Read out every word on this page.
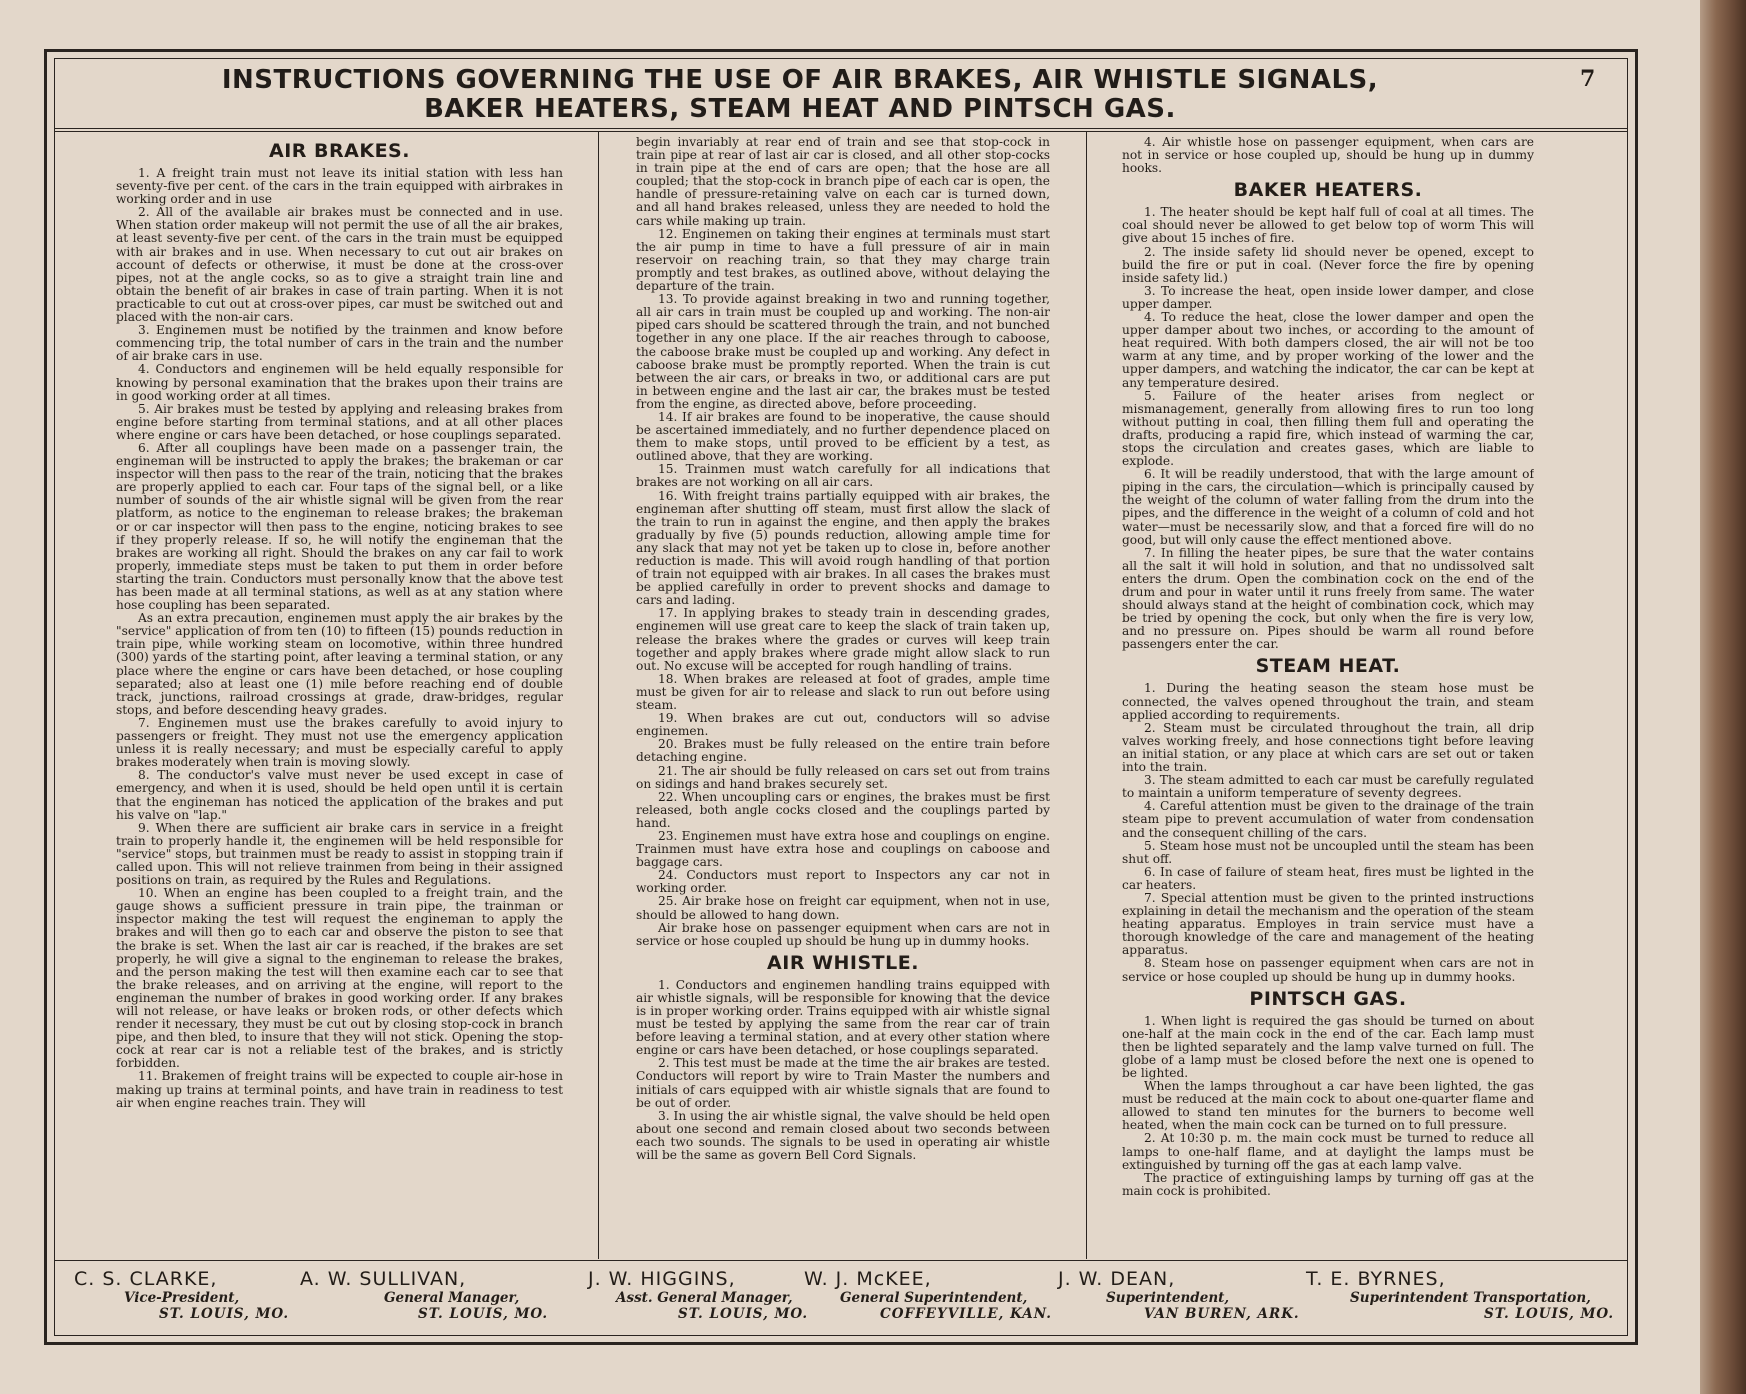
INSTRUCTIONS GOVERNING THE USE OF AIR BRAKES, AIR WHISTLE SIGNALS,
BAKER HEATERS, STEAM HEAT AND PINTSCH GAS.
7
AIR BRAKES.

1. A freight train must not leave its initial station with less han seventy-five per cent. of the cars in the train equipped with airbrakes in working order and in use

2. All of the available air brakes must be connected and in use. When station order makeup will not permit the use of all the air brakes, at least seventy-five per cent. of the cars in the train must be equipped with air brakes and in use. When necessary to cut out air brakes on account of defects or otherwise, it must be done at the cross-over pipes, not at the angle cocks, so as to give a straight train line and obtain the benefit of air brakes in case of train parting. When it is not practicable to cut out at cross-over pipes, car must be switched out and placed with the non-air cars.

3. Enginemen must be notified by the trainmen and know before commencing trip, the total number of cars in the train and the number of air brake cars in use.

4. Conductors and enginemen will be held equally responsible for knowing by personal examination that the brakes upon their trains are in good working order at all times.

5. Air brakes must be tested by applying and releasing brakes from engine before starting from terminal stations, and at all other places where engine or cars have been detached, or hose couplings separated.

6. After all couplings have been made on a passenger train, the engineman will be instructed to apply the brakes; the brakeman or car inspector will then pass to the rear of the train, noticing that the brakes are properly applied to each car. Four taps of the signal bell, or a like number of sounds of the air whistle signal will be given from the rear platform, as notice to the engineman to release brakes; the brakeman or or car inspector will then pass to the engine, noticing brakes to see if they properly release. If so, he will notify the engineman that the brakes are working all right. Should the brakes on any car fail to work properly, immediate steps must be taken to put them in order before starting the train. Conductors must personally know that the above test has been made at all terminal stations, as well as at any station where hose coupling has been separated.

As an extra precaution, enginemen must apply the air brakes by the "service" application of from ten (10) to fifteen (15) pounds reduction in train pipe, while working steam on locomotive, within three hundred (300) yards of the starting point, after leaving a terminal station, or any place where the engine or cars have been detached, or hose coupling separated; also at least one (1) mile before reaching end of double track, junctions, railroad crossings at grade, draw-bridges, regular stops, and before descending heavy grades.

7. Enginemen must use the brakes carefully to avoid injury to passengers or freight. They must not use the emergency application unless it is really necessary; and must be especially careful to apply brakes moderately when train is moving slowly.

8. The conductor's valve must never be used except in case of emergency, and when it is used, should be held open until it is certain that the engineman has noticed the application of the brakes and put his valve on "lap."

9. When there are sufficient air brake cars in service in a freight train to properly handle it, the enginemen will be held responsible for "service" stops, but trainmen must be ready to assist in stopping train if called upon. This will not relieve trainmen from being in their assigned positions on train, as required by the Rules and Regulations.

10. When an engine has been coupled to a freight train, and the gauge shows a sufficient pressure in train pipe, the trainman or inspector making the test will request the engineman to apply the brakes and will then go to each car and observe the piston to see that the brake is set. When the last air car is reached, if the brakes are set properly, he will give a signal to the engineman to release the brakes, and the person making the test will then examine each car to see that the brake releases, and on arriving at the engine, will report to the engineman the number of brakes in good working order. If any brakes will not release, or have leaks or broken rods, or other defects which render it necessary, they must be cut out by closing stop-cock in branch pipe, and then bled, to insure that they will not stick. Opening the stop-cock at rear car is not a reliable test of the brakes, and is strictly forbidden.

11. Brakemen of freight trains will be expected to couple air-hose in making up trains at terminal points, and have train in readiness to test air when engine reaches train. They will

begin invariably at rear end of train and see that stop-cock in train pipe at rear of last air car is closed, and all other stop-cocks in train pipe at the end of cars are open; that the hose are all coupled; that the stop-cock in branch pipe of each car is open, the handle of pressure-retaining valve on each car is turned down, and all hand brakes released, unless they are needed to hold the cars while making up train.

12. Enginemen on taking their engines at terminals must start the air pump in time to have a full pressure of air in main reservoir on reaching train, so that they may charge train promptly and test brakes, as outlined above, without delaying the departure of the train.

13. To provide against breaking in two and running together, all air cars in train must be coupled up and working. The non-air piped cars should be scattered through the train, and not bunched together in any one place. If the air reaches through to caboose, the caboose brake must be coupled up and working. Any defect in caboose brake must be promptly reported. When the train is cut between the air cars, or breaks in two, or additional cars are put in between engine and the last air car, the brakes must be tested from the engine, as directed above, before proceeding.

14. If air brakes are found to be inoperative, the cause should be ascertained immediately, and no further dependence placed on them to make stops, until proved to be efficient by a test, as outlined above, that they are working.

15. Trainmen must watch carefully for all indications that brakes are not working on all air cars.

16. With freight trains partially equipped with air brakes, the engineman after shutting off steam, must first allow the slack of the train to run in against the engine, and then apply the brakes gradually by five (5) pounds reduction, allowing ample time for any slack that may not yet be taken up to close in, before another reduction is made. This will avoid rough handling of that portion of train not equipped with air brakes. In all cases the brakes must be applied carefully in order to prevent shocks and damage to cars and lading.

17. In applying brakes to steady train in descending grades, enginemen will use great care to keep the slack of train taken up, release the brakes where the grades or curves will keep train together and apply brakes where grade might allow slack to run out. No excuse will be accepted for rough handling of trains.

18. When brakes are released at foot of grades, ample time must be given for air to release and slack to run out before using steam.

19. When brakes are cut out, conductors will so advise enginemen.

20. Brakes must be fully released on the entire train before detaching engine.

21. The air should be fully released on cars set out from trains on sidings and hand brakes securely set.

22. When uncoupling cars or engines, the brakes must be first released, both angle cocks closed and the couplings parted by hand.

23. Enginemen must have extra hose and couplings on engine. Trainmen must have extra hose and couplings on caboose and baggage cars.

24. Conductors must report to Inspectors any car not in working order.

25. Air brake hose on freight car equipment, when not in use, should be allowed to hang down.

Air brake hose on passenger equipment when cars are not in service or hose coupled up should be hung up in dummy hooks.

AIR WHISTLE.

1. Conductors and enginemen handling trains equipped with air whistle signals, will be responsible for knowing that the device is in proper working order. Trains equipped with air whistle signal must be tested by applying the same from the rear car of train before leaving a terminal station, and at every other station where engine or cars have been detached, or hose couplings separated.

2. This test must be made at the time the air brakes are tested. Conductors will report by wire to Train Master the numbers and initials of cars equipped with air whistle signals that are found to be out of order.

3. In using the air whistle signal, the valve should be held open about one second and remain closed about two seconds between each two sounds. The signals to be used in operating air whistle will be the same as govern Bell Cord Signals.

4. Air whistle hose on passenger equipment, when cars are not in service or hose coupled up, should be hung up in dummy hooks.

BAKER HEATERS.

1. The heater should be kept half full of coal at all times. The coal should never be allowed to get below top of worm This will give about 15 inches of fire.

2. The inside safety lid should never be opened, except to build the fire or put in coal. (Never force the fire by opening inside safety lid.)

3. To increase the heat, open inside lower damper, and close upper damper.

4. To reduce the heat, close the lower damper and open the upper damper about two inches, or according to the amount of heat required. With both dampers closed, the air will not be too warm at any time, and by proper working of the lower and the upper dampers, and watching the indicator, the car can be kept at any temperature desired.

5. Failure of the heater arises from neglect or mismanagement, generally from allowing fires to run too long without putting in coal, then filling them full and operating the drafts, producing a rapid fire, which instead of warming the car, stops the circulation and creates gases, which are liable to explode.

6. It will be readily understood, that with the large amount of piping in the cars, the circulation—which is principally caused by the weight of the column of water falling from the drum into the pipes, and the difference in the weight of a column of cold and hot water—must be necessarily slow, and that a forced fire will do no good, but will only cause the effect mentioned above.

7. In filling the heater pipes, be sure that the water contains all the salt it will hold in solution, and that no undissolved salt enters the drum. Open the combination cock on the end of the drum and pour in water until it runs freely from same. The water should always stand at the height of combination cock, which may be tried by opening the cock, but only when the fire is very low, and no pressure on. Pipes should be warm all round before passengers enter the car.

STEAM HEAT.

1. During the heating season the steam hose must be connected, the valves opened throughout the train, and steam applied according to requirements.

2. Steam must be circulated throughout the train, all drip valves working freely, and hose connections tight before leaving an initial station, or any place at which cars are set out or taken into the train.

3. The steam admitted to each car must be carefully regulated to maintain a uniform temperature of seventy degrees.

4. Careful attention must be given to the drainage of the train steam pipe to prevent accumulation of water from condensation and the consequent chilling of the cars.

5. Steam hose must not be uncoupled until the steam has been shut off.

6. In case of failure of steam heat, fires must be lighted in the car heaters.

7. Special attention must be given to the printed instructions explaining in detail the mechanism and the operation of the steam heating apparatus. Employes in train service must have a thorough knowledge of the care and management of the heating apparatus.

8. Steam hose on passenger equipment when cars are not in service or hose coupled up should be hung up in dummy hooks.

PINTSCH GAS.

1. When light is required the gas should be turned on about one-half at the main cock in the end of the car. Each lamp must then be lighted separately and the lamp valve turned on full. The globe of a lamp must be closed before the next one is opened to be lighted.

When the lamps throughout a car have been lighted, the gas must be reduced at the main cock to about one-quarter flame and allowed to stand ten minutes for the burners to become well heated, when the main cock can be turned on to full pressure.

2. At 10:30 p. m. the main cock must be turned to reduce all lamps to one-half flame, and at daylight the lamps must be extinguished by turning off the gas at each lamp valve.

The practice of extinguishing lamps by turning off gas at the main cock is prohibited.

C. S. CLARKE,
Vice-President,
ST. LOUIS, MO.
A. W. SULLIVAN,
General Manager,
ST. LOUIS, MO.
J. W. HIGGINS,
Asst. General Manager,
ST. LOUIS, MO.
W. J. McKEE,
General Superintendent,
COFFEYVILLE, KAN.
J. W. DEAN,
Superintendent,
VAN BUREN, ARK.
T. E. BYRNES,
Superintendent Transportation,
ST. LOUIS, MO.
